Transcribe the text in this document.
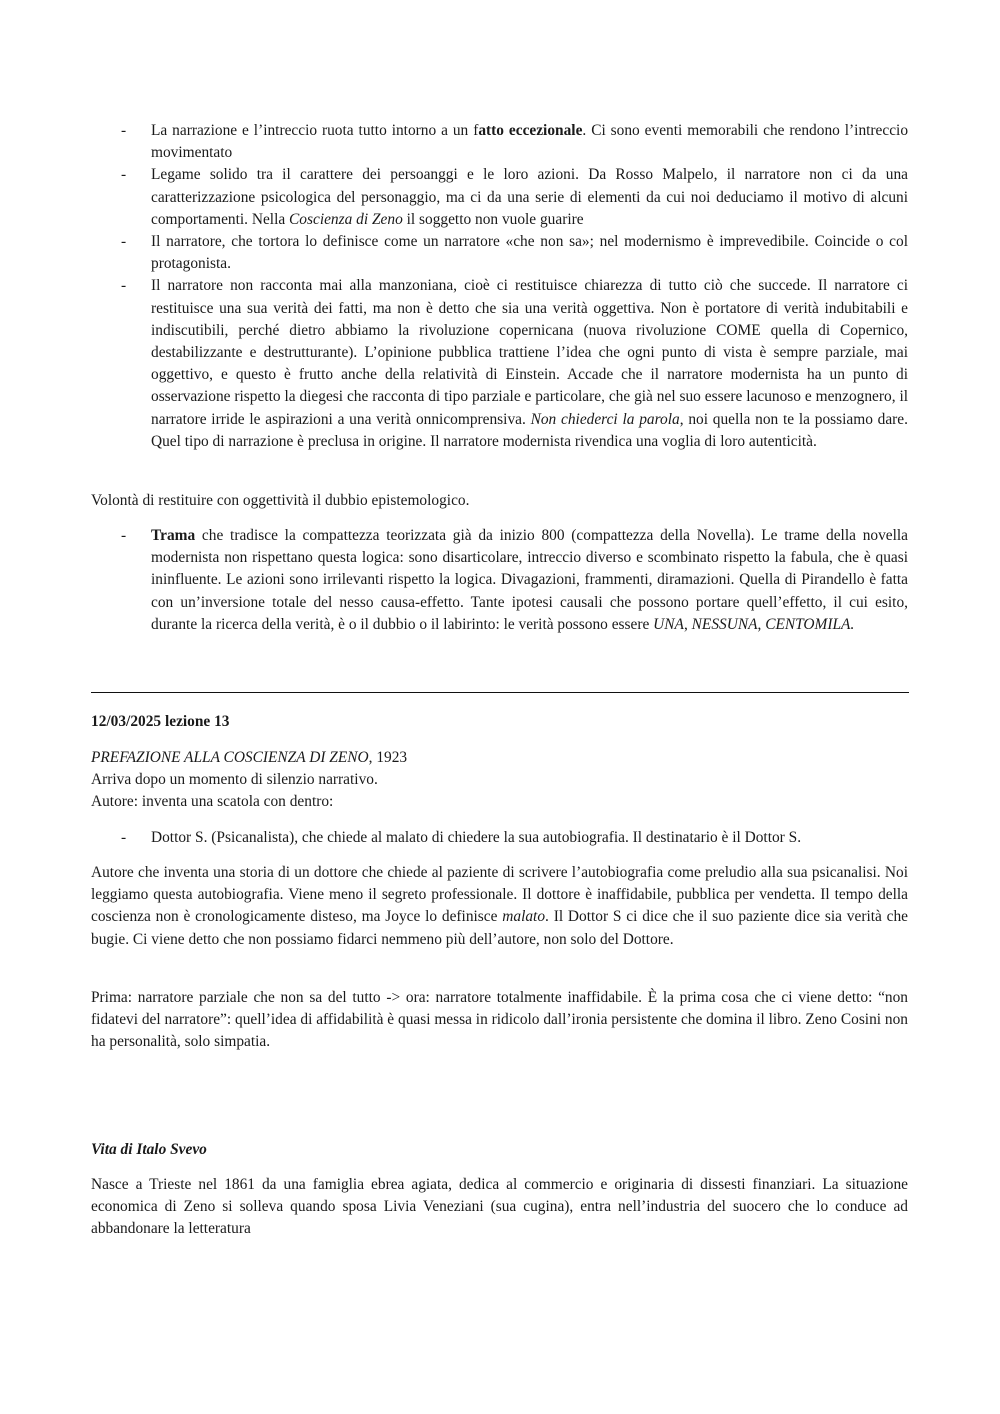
- La narrazione e l’intreccio ruota tutto intorno a un fatto eccezionale. Ci sono eventi memorabili che rendono l’intreccio movimentato
- Legame solido tra il carattere dei persoanggi e le loro azioni. Da Rosso Malpelo, il narratore non ci da una caratterizzazione psicologica del personaggio, ma ci da una serie di elementi da cui noi deduciamo il motivo di alcuni comportamenti. Nella Coscienza di Zeno il soggetto non vuole guarire
- Il narratore, che tortora lo definisce come un narratore «che non sa»; nel modernismo è imprevedibile. Coincide o col protagonista.
- Il narratore non racconta mai alla manzoniana, cioè ci restituisce chiarezza di tutto ciò che succede. Il narratore ci restituisce una sua verità dei fatti, ma non è detto che sia una verità oggettiva. Non è portatore di verità indubitabili e indiscutibili, perché dietro abbiamo la rivoluzione copernicana (nuova rivoluzione COME quella di Copernico, destabilizzante e destrutturante). L’opinione pubblica trattiene l’idea che ogni punto di vista è sempre parziale, mai oggettivo, e questo è frutto anche della relatività di Einstein. Accade che il narratore modernista ha un punto di osservazione rispetto la diegesi che racconta di tipo parziale e particolare, che già nel suo essere lacunoso e menzognero, il narratore irride le aspirazioni a una verità onnicomprensiva. Non chiederci la parola, noi quella non te la possiamo dare. Quel tipo di narrazione è preclusa in origine. Il narratore modernista rivendica una voglia di loro autenticità.

Volontà di restituire con oggettività il dubbio epistemologico.

- Trama che tradisce la compattezza teorizzata già da inizio 800 (compattezza della Novella). Le trame della novella modernista non rispettano questa logica: sono disarticolare, intreccio diverso e scombinato rispetto la fabula, che è quasi ininfluente. Le azioni sono irrilevanti rispetto la logica. Divagazioni, frammenti, diramazioni. Quella di Pirandello è fatta con un’inversione totale del nesso causa-effetto. Tante ipotesi causali che possono portare quell’effetto, il cui esito, durante la ricerca della verità, è o il dubbio o il labirinto: le verità possono essere UNA, NESSUNA, CENTOMILA.

12/03/2025 lezione 13

PREFAZIONE ALLA COSCIENZA DI ZENO, 1923
Arriva dopo un momento di silenzio narrativo.
Autore: inventa una scatola con dentro:
- Dottor S. (Psicanalista), che chiede al malato di chiedere la sua autobiografia. Il destinatario è il Dottor S.

Autore che inventa una storia di un dottore che chiede al paziente di scrivere l’autobiografia come preludio alla sua psicanalisi. Noi leggiamo questa autobiografia. Viene meno il segreto professionale. Il dottore è inaffidabile, pubblica per vendetta. Il tempo della coscienza non è cronologicamente disteso, ma Joyce lo definisce malato. Il Dottor S ci dice che il suo paziente dice sia verità che bugie. Ci viene detto che non possiamo fidarci nemmeno più dell’autore, non solo del Dottore.

Prima: narratore parziale che non sa del tutto -> ora: narratore totalmente inaffidabile. È la prima cosa che ci viene detto: “non fidatevi del narratore”: quell’idea di affidabilità è quasi messa in ridicolo dall’ironia persistente che domina il libro. Zeno Cosini non ha personalità, solo simpatia.

Vita di Italo Svevo

Nasce a Trieste nel 1861 da una famiglia ebrea agiata, dedica al commercio e originaria di dissesti finanziari. La situazione economica di Zeno si solleva quando sposa Livia Veneziani (sua cugina), entra nell’industria del suocero che lo conduce ad abbandonare la letteratura
